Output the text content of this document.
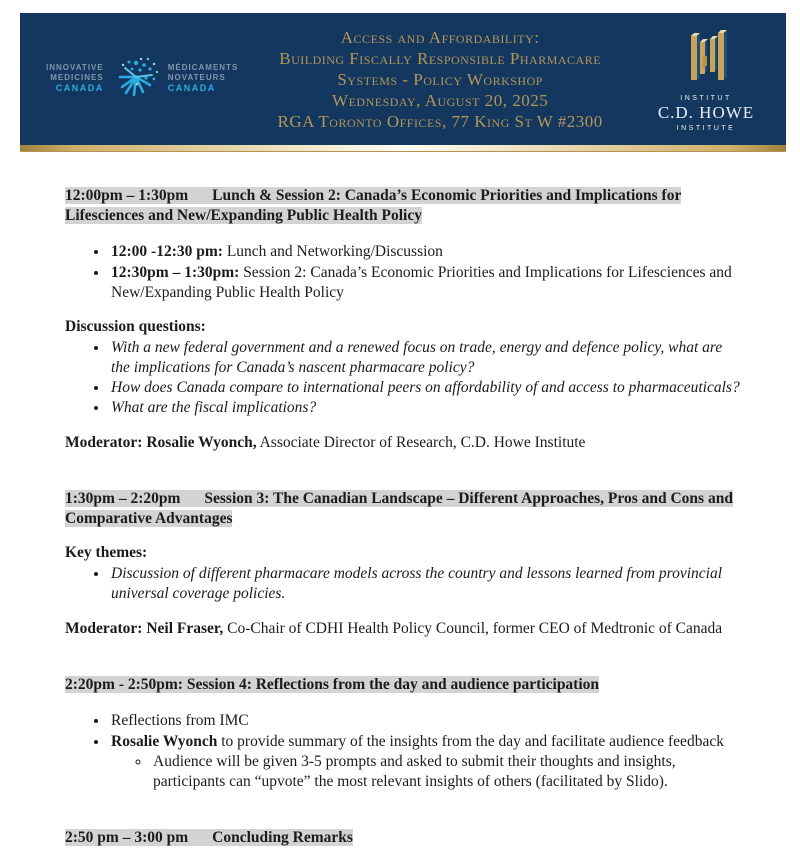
INNOVATIVE
MEDICINES
CANADA
MÉDICAMENTS
NOVATEURS
CANADA
Access and Affordability:
Building Fiscally Responsible Pharmacare
Systems - Policy Workshop
Wednesday, August 20, 2025
RGA Toronto Offices, 77 King St W #2300
INSTITUT
C.D. HOWE
INSTITUTE

12:00pm – 1:30pm Lunch & Session 2: Canada’s Economic Priorities and Implications for Lifesciences and New/Expanding Public Health Policy

• 12:00 -12:30 pm: Lunch and Networking/Discussion
• 12:30pm – 1:30pm: Session 2: Canada’s Economic Priorities and Implications for Lifesciences and New/Expanding Public Health Policy

Discussion questions:

• With a new federal government and a renewed focus on trade, energy and defence policy, what are the implications for Canada’s nascent pharmacare policy?
• How does Canada compare to international peers on affordability of and access to pharmaceuticals?
• What are the fiscal implications?

Moderator: Rosalie Wyonch, Associate Director of Research, C.D. Howe Institute

1:30pm – 2:20pm Session 3: The Canadian Landscape – Different Approaches, Pros and Cons and Comparative Advantages

Key themes:

• Discussion of different pharmacare models across the country and lessons learned from provincial universal coverage policies.

Moderator: Neil Fraser, Co-Chair of CDHI Health Policy Council, former CEO of Medtronic of Canada

2:20pm - 2:50pm: Session 4: Reflections from the day and audience participation

• Reflections from IMC
• Rosalie Wyonch to provide summary of the insights from the day and facilitate audience feedback
◦ Audience will be given 3-5 prompts and asked to submit their thoughts and insights, participants can “upvote” the most relevant insights of others (facilitated by Slido).

2:50 pm – 3:00 pm Concluding Remarks
